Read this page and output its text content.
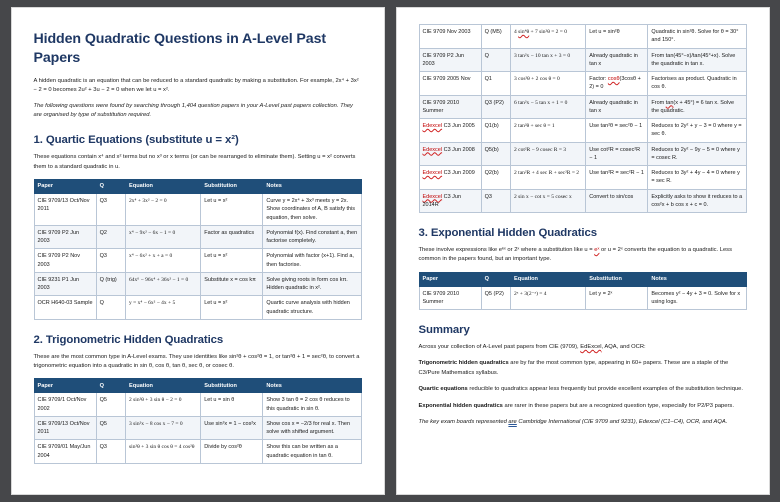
Hidden Quadratic Questions in A-Level Past Papers

A hidden quadratic is an equation that can be reduced to a standard quadratic by making a substitution. For example, 2x⁴ + 3x² − 2 = 0 becomes 2u² + 3u − 2 = 0 when we let u = x².

The following questions were found by searching through 1,404 question papers in your A-Level past papers collection. They are organised by type of substitution required.

1. Quartic Equations (substitute u = x²)

These equations contain x⁴ and x² terms but no x³ or x terms (or can be rearranged to eliminate them). Setting u = x² converts them to a standard quadratic in u.

Paper	Q	Equation	Substitution	Notes
CIE 9709/13 Oct/Nov 2011	Q3	2x⁴ + 3x² − 2 = 0	Let u = x²	Curve y = 2x⁴ + 3x³ meets y = 2x. Show coordinates of A, B satisfy this equation, then solve.
CIE 9709 P2 Jun 2003	Q2	x⁴ − 9x² − 6x − 1 = 0	Factor as quadratics	Polynomial f(x). Find constant a, then factorise completely.
CIE 9709 P2 Nov 2003	Q3	x⁴ − 6x² + x + a = 0	Let u = x²	Polynomial with factor (x+1). Find a, then factorise.
CIE 9231 P1 Jun 2003	Q (trig)	64x⁶ − 96x⁴ + 36x² − 1 = 0	Substitute x = cos kπ	Solve giving roots in form cos kπ. Hidden quadratic in x².
OCR H640-03 Sample	Q	y = x⁴ − 6x² − 4x + 5	Let u = x²	Quartic curve analysis with hidden quadratic structure.
2. Trigonometric Hidden Quadratics

These are the most common type in A-Level exams. They use identities like sin²θ + cos²θ = 1, or tan²θ + 1 = sec²θ, to convert a trigonometric equation into a quadratic in sin θ, cos θ, tan θ, sec θ, or cosec θ.

Paper	Q	Equation	Substitution	Notes
CIE 9709/1 Oct/Nov 2002	Q5	2 sin²θ + 3 sin θ − 2 = 0	Let u = sin θ	Show 3 tan θ = 2 cos θ reduces to this quadratic in sin θ.
CIE 9709/13 Oct/Nov 2011	Q5	3 sin²x − 8 cos x − 7 = 0	Use sin²x = 1 − cos²x	Show cos x = −2/3 for real x. Then solve with shifted argument.
CIE 9709/01 May/Jun 2004	Q3	sin²θ + 3 sin θ cos θ = 4 cos²θ	Divide by cos²θ	Show this can be written as a quadratic equation in tan θ.
CIE 9709 Nov 2003	Q (M5)	4 sin⁴θ + 7 sin²θ = 2 = 0	Let u = sin²θ	Quadratic in sin²θ. Solve for θ = 30° and 150°.
CIE 9709 P2 Jun 2003	Q	3 tan²x − 10 tan x + 3 = 0	Already quadratic in tan x	From tan(45°−x)/tan(45°+x). Solve the quadratic in tan x.
CIE 9709 2005 Nov	Q1	3 cos²θ + 2 cos θ = 0	Factor: cosθ(3cosθ + 2) = 0	Factorises as product. Quadratic in cos θ.
CIE 9709 2010 Summer	Q3 (P2)	6 tan²x − 5 tan x + 1 = 0	Already quadratic in tan x	From tan(x + 45°) = 6 tan x. Solve the quadratic.
Edexcel C3 Jun 2005	Q1(b)	2 tan²θ + sec θ = 1	Use tan²θ = sec²θ − 1	Reduces to 2y² + y − 3 = 0 where y = sec θ.
Edexcel C3 Jun 2008	Q5(b)	2 cot²R − 9 cosec R = 3	Use cot²R = cosec²R − 1	Reduces to 2y² − 9y − 5 = 0 where y = cosec R.
Edexcel C3 Jun 2009	Q2(b)	2 tan²R + 4 sec R + sec²R = 2	Use tan²R = sec²R − 1	Reduces to 3y² + 4y − 4 = 0 where y = sec R.
Edexcel C3 Jun 2014R	Q3	2 sin x − cot x = 5 cosec x	Convert to sin/cos	Explicitly asks to show it reduces to a cos²x + b cos x + c = 0.
3. Exponential Hidden Quadratics

These involve expressions like eᵏˣ or 2ˣ where a substitution like u = eˣ or u = 2ˣ converts the equation to a quadratic. Less common in the papers found, but an important type.

Paper	Q	Equation	Substitution	Notes
CIE 9709 2010 Summer	Q5 (P2)	2ˣ + 3(2⁻ˣ) = 4	Let y = 2ˣ	Becomes y² − 4y + 3 = 0. Solve for x using logs.
Summary

Across your collection of A-Level past papers from CIE (9709), EdExcel, AQA, and OCR:

Trigonometric hidden quadratics are by far the most common type, appearing in 60+ papers. These are a staple of the C3/Pure Mathematics syllabus.

Quartic equations reducible to quadratics appear less frequently but provide excellent examples of the substitution technique.

Exponential hidden quadratics are rarer in these papers but are a recognized question type, especially for P2/P3 papers.

The key exam boards represented are Cambridge International (CIE 9709 and 9231), Edexcel (C1–C4), OCR, and AQA.
